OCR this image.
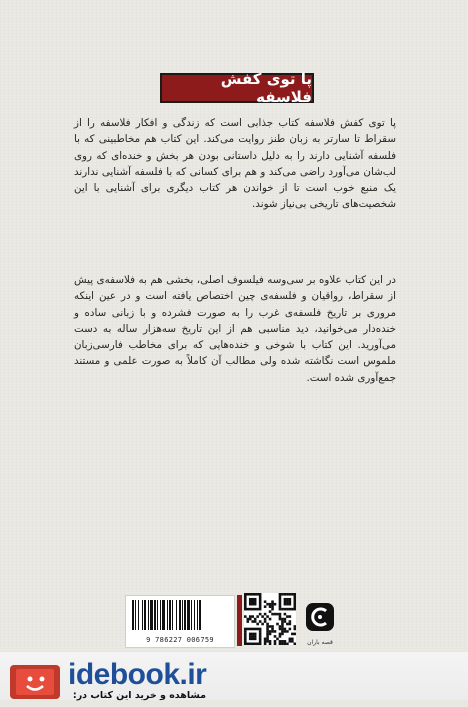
پا توی کفش فلاسفه

پا توی کفش فلاسفه کتاب جذابی است که زندگی و افکار فلاسفه را از سقراط تا سارتر به زبان طنز روایت می‌کند. این کتاب هم مخاطبینی که با فلسفه آشنایی دارند را به دلیل داستانی بودن هر بخش و خنده‌ای که روی لب‌شان می‌آورد راضی می‌کند و هم برای کسانی که با فلسفه آشنایی ندارند یک منبع خوب است تا از خواندن هر کتاب دیگری برای آشنایی با این شخصیت‌های تاریخی بی‌نیاز شوند.

در این کتاب علاوه بر سی‌وسه فیلسوف اصلی، بخشی هم به فلاسفه‌ی پیش از سقراط، رواقیان و فلسفه‌ی چین اختصاص یافته است و در عین اینکه مروری بر تاریخ فلسفه‌ی غرب را به صورت فشرده و با زبانی ساده و خنده‌دار می‌خوانید، دید مناسبی هم از این تاریخ سه‌هزار ساله به دست می‌آورید. این کتاب با شوخی و خنده‌هایی که برای مخاطب فارسی‌زبان ملموس است نگاشته شده ولی مطالب آن کاملاً به صورت علمی و مستند جمع‌آوری شده است.

9 786227 006759	قصه باران
idebook.ir
مشاهده و خرید این کتاب در:
